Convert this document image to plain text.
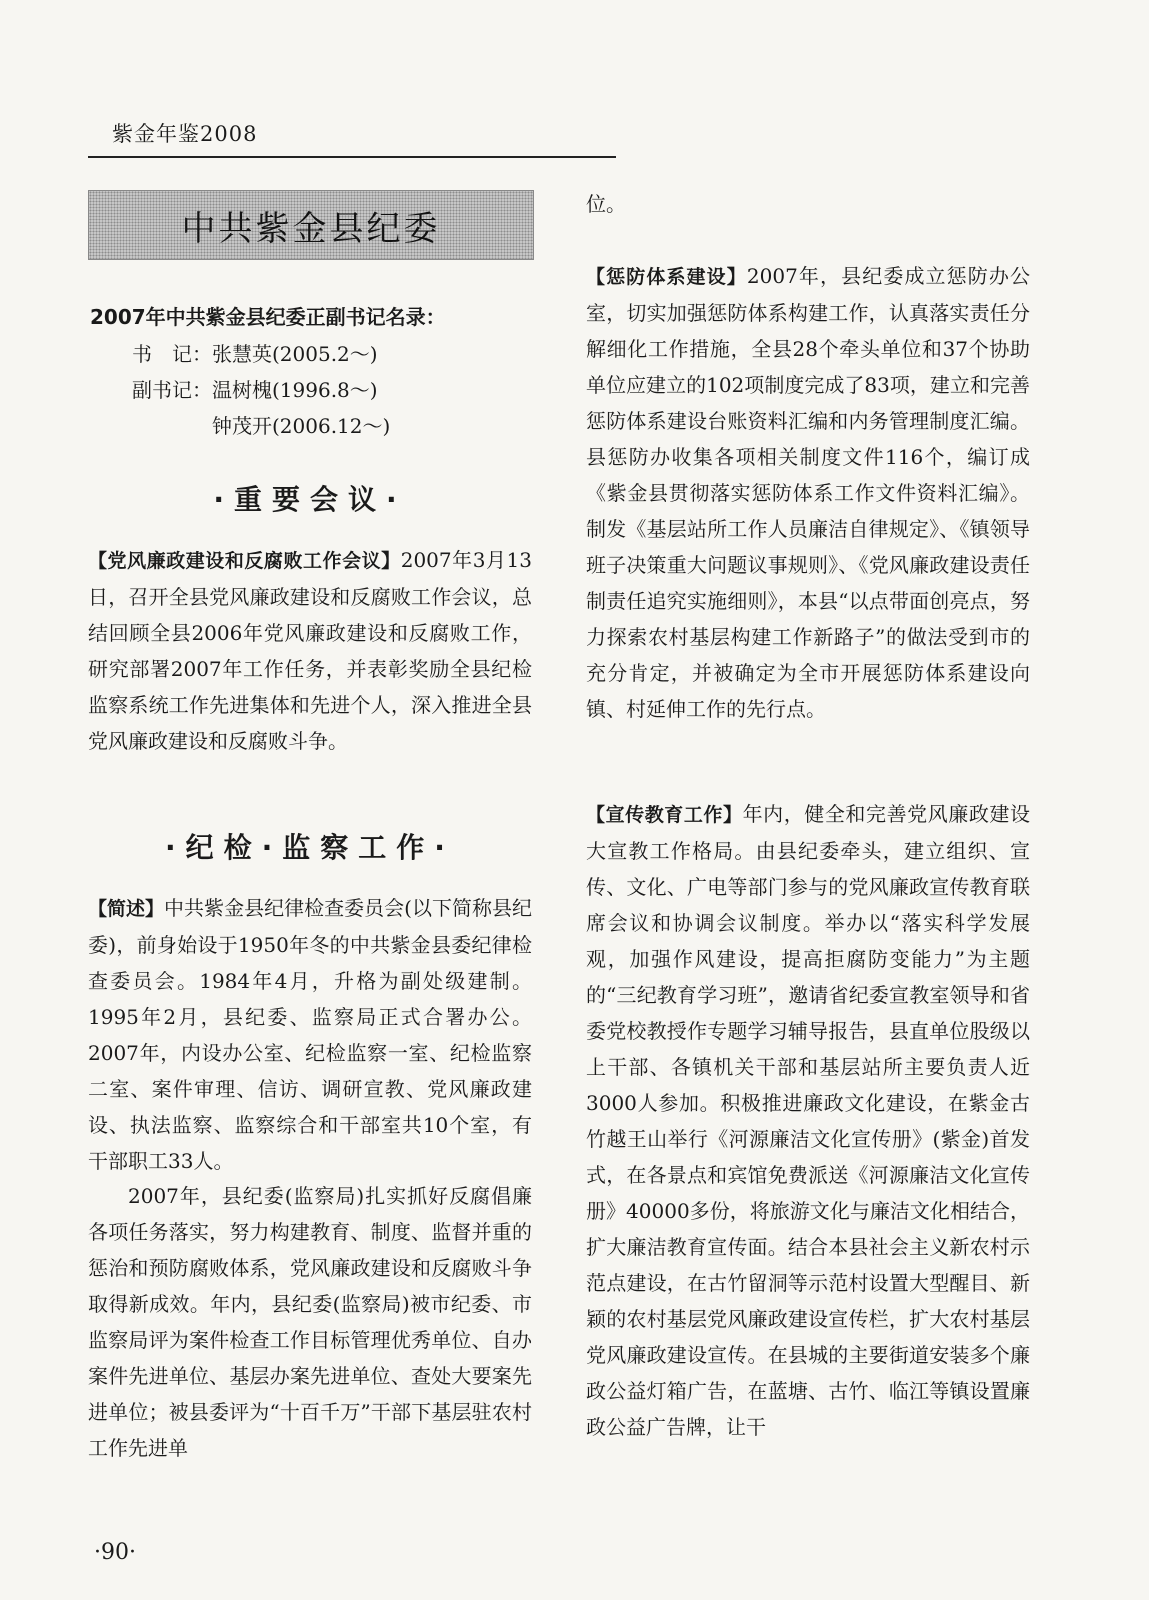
紫金年鉴2008
中共紫金县纪委
2007年中共紫金县纪委正副书记名录：
书　记：张慧英(2005.2～)
副书记：温树槐(1996.8～)
　　　　钟茂开(2006.12～)
·重要会议·
【党风廉政建设和反腐败工作会议】2007年3月13日，召开全县党风廉政建设和反腐败工作会议，总结回顾全县2006年党风廉政建设和反腐败工作，研究部署2007年工作任务，并表彰奖励全县纪检监察系统工作先进集体和先进个人，深入推进全县党风廉政建设和反腐败斗争。
·纪检·监察工作·
【简述】中共紫金县纪律检查委员会(以下简称县纪委)，前身始设于1950年冬的中共紫金县委纪律检查委员会。1984年4月，升格为副处级建制。1995年2月，县纪委、监察局正式合署办公。2007年，内设办公室、纪检监察一室、纪检监察二室、案件审理、信访、调研宣教、党风廉政建设、执法监察、监察综合和干部室共10个室，有干部职工33人。
2007年，县纪委(监察局)扎实抓好反腐倡廉各项任务落实，努力构建教育、制度、监督并重的惩治和预防腐败体系，党风廉政建设和反腐败斗争取得新成效。年内，县纪委(监察局)被市纪委、市监察局评为案件检查工作目标管理优秀单位、自办案件先进单位、基层办案先进单位、查处大要案先进单位；被县委评为“十百千万”干部下基层驻农村工作先进单
·90·
位。
【惩防体系建设】2007年，县纪委成立惩防办公室，切实加强惩防体系构建工作，认真落实责任分解细化工作措施，全县28个牵头单位和37个协助单位应建立的102项制度完成了83项，建立和完善惩防体系建设台账资料汇编和内务管理制度汇编。县惩防办收集各项相关制度文件116个，编订成《紫金县贯彻落实惩防体系工作文件资料汇编》。制发《基层站所工作人员廉洁自律规定》、《镇领导班子决策重大问题议事规则》、《党风廉政建设责任制责任追究实施细则》，本县“以点带面创亮点，努力探索农村基层构建工作新路子”的做法受到市的充分肯定，并被确定为全市开展惩防体系建设向镇、村延伸工作的先行点。
【宣传教育工作】年内，健全和完善党风廉政建设大宣教工作格局。由县纪委牵头，建立组织、宣传、文化、广电等部门参与的党风廉政宣传教育联席会议和协调会议制度。举办以“落实科学发展观，加强作风建设，提高拒腐防变能力”为主题的“三纪教育学习班”，邀请省纪委宣教室领导和省委党校教授作专题学习辅导报告，县直单位股级以上干部、各镇机关干部和基层站所主要负责人近3000人参加。积极推进廉政文化建设，在紫金古竹越王山举行《河源廉洁文化宣传册》(紫金)首发式，在各景点和宾馆免费派送《河源廉洁文化宣传册》40000多份，将旅游文化与廉洁文化相结合，扩大廉洁教育宣传面。结合本县社会主义新农村示范点建设，在古竹留洞等示范村设置大型醒目、新颖的农村基层党风廉政建设宣传栏，扩大农村基层党风廉政建设宣传。在县城的主要街道安装多个廉政公益灯箱广告，在蓝塘、古竹、临江等镇设置廉政公益广告牌，让干
